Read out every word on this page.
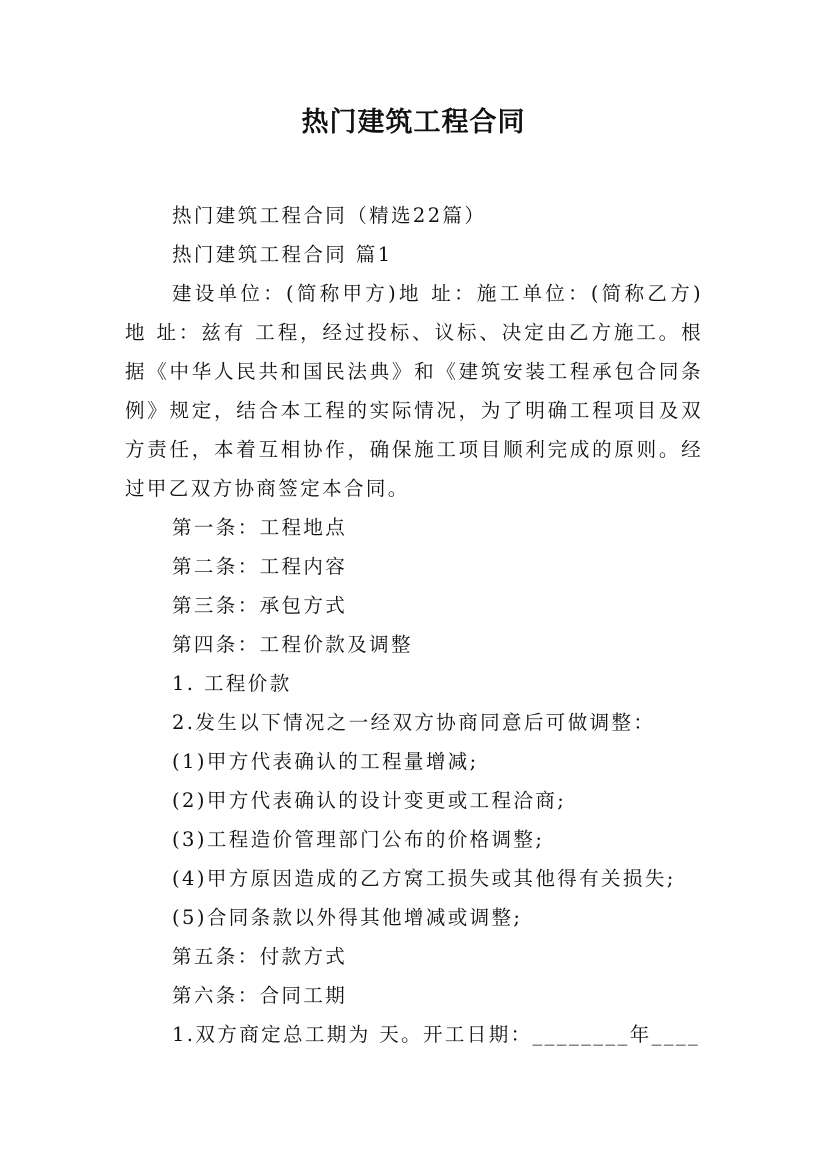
热门建筑工程合同

热门建筑工程合同（精选22篇）

热门建筑工程合同 篇1

建设单位：(简称甲方)地 址：施工单位：(简称乙方) 地 址：兹有 工程，经过投标、议标、决定由乙方施工。根据《中华人民共和国民法典》和《建筑安装工程承包合同条例》规定，结合本工程的实际情况，为了明确工程项目及双方责任，本着互相协作，确保施工项目顺利完成的原则。经过甲乙双方协商签定本合同。

第一条：工程地点

第二条：工程内容

第三条：承包方式

第四条：工程价款及调整

1. 工程价款

2.发生以下情况之一经双方协商同意后可做调整：

(1)甲方代表确认的工程量增减;

(2)甲方代表确认的设计变更或工程洽商;

(3)工程造价管理部门公布的价格调整;

(4)甲方原因造成的乙方窝工损失或其他得有关损失;

(5)合同条款以外得其他增减或调整;

第五条：付款方式

第六条：合同工期

1.双方商定总工期为 天。开工日期：________年____
